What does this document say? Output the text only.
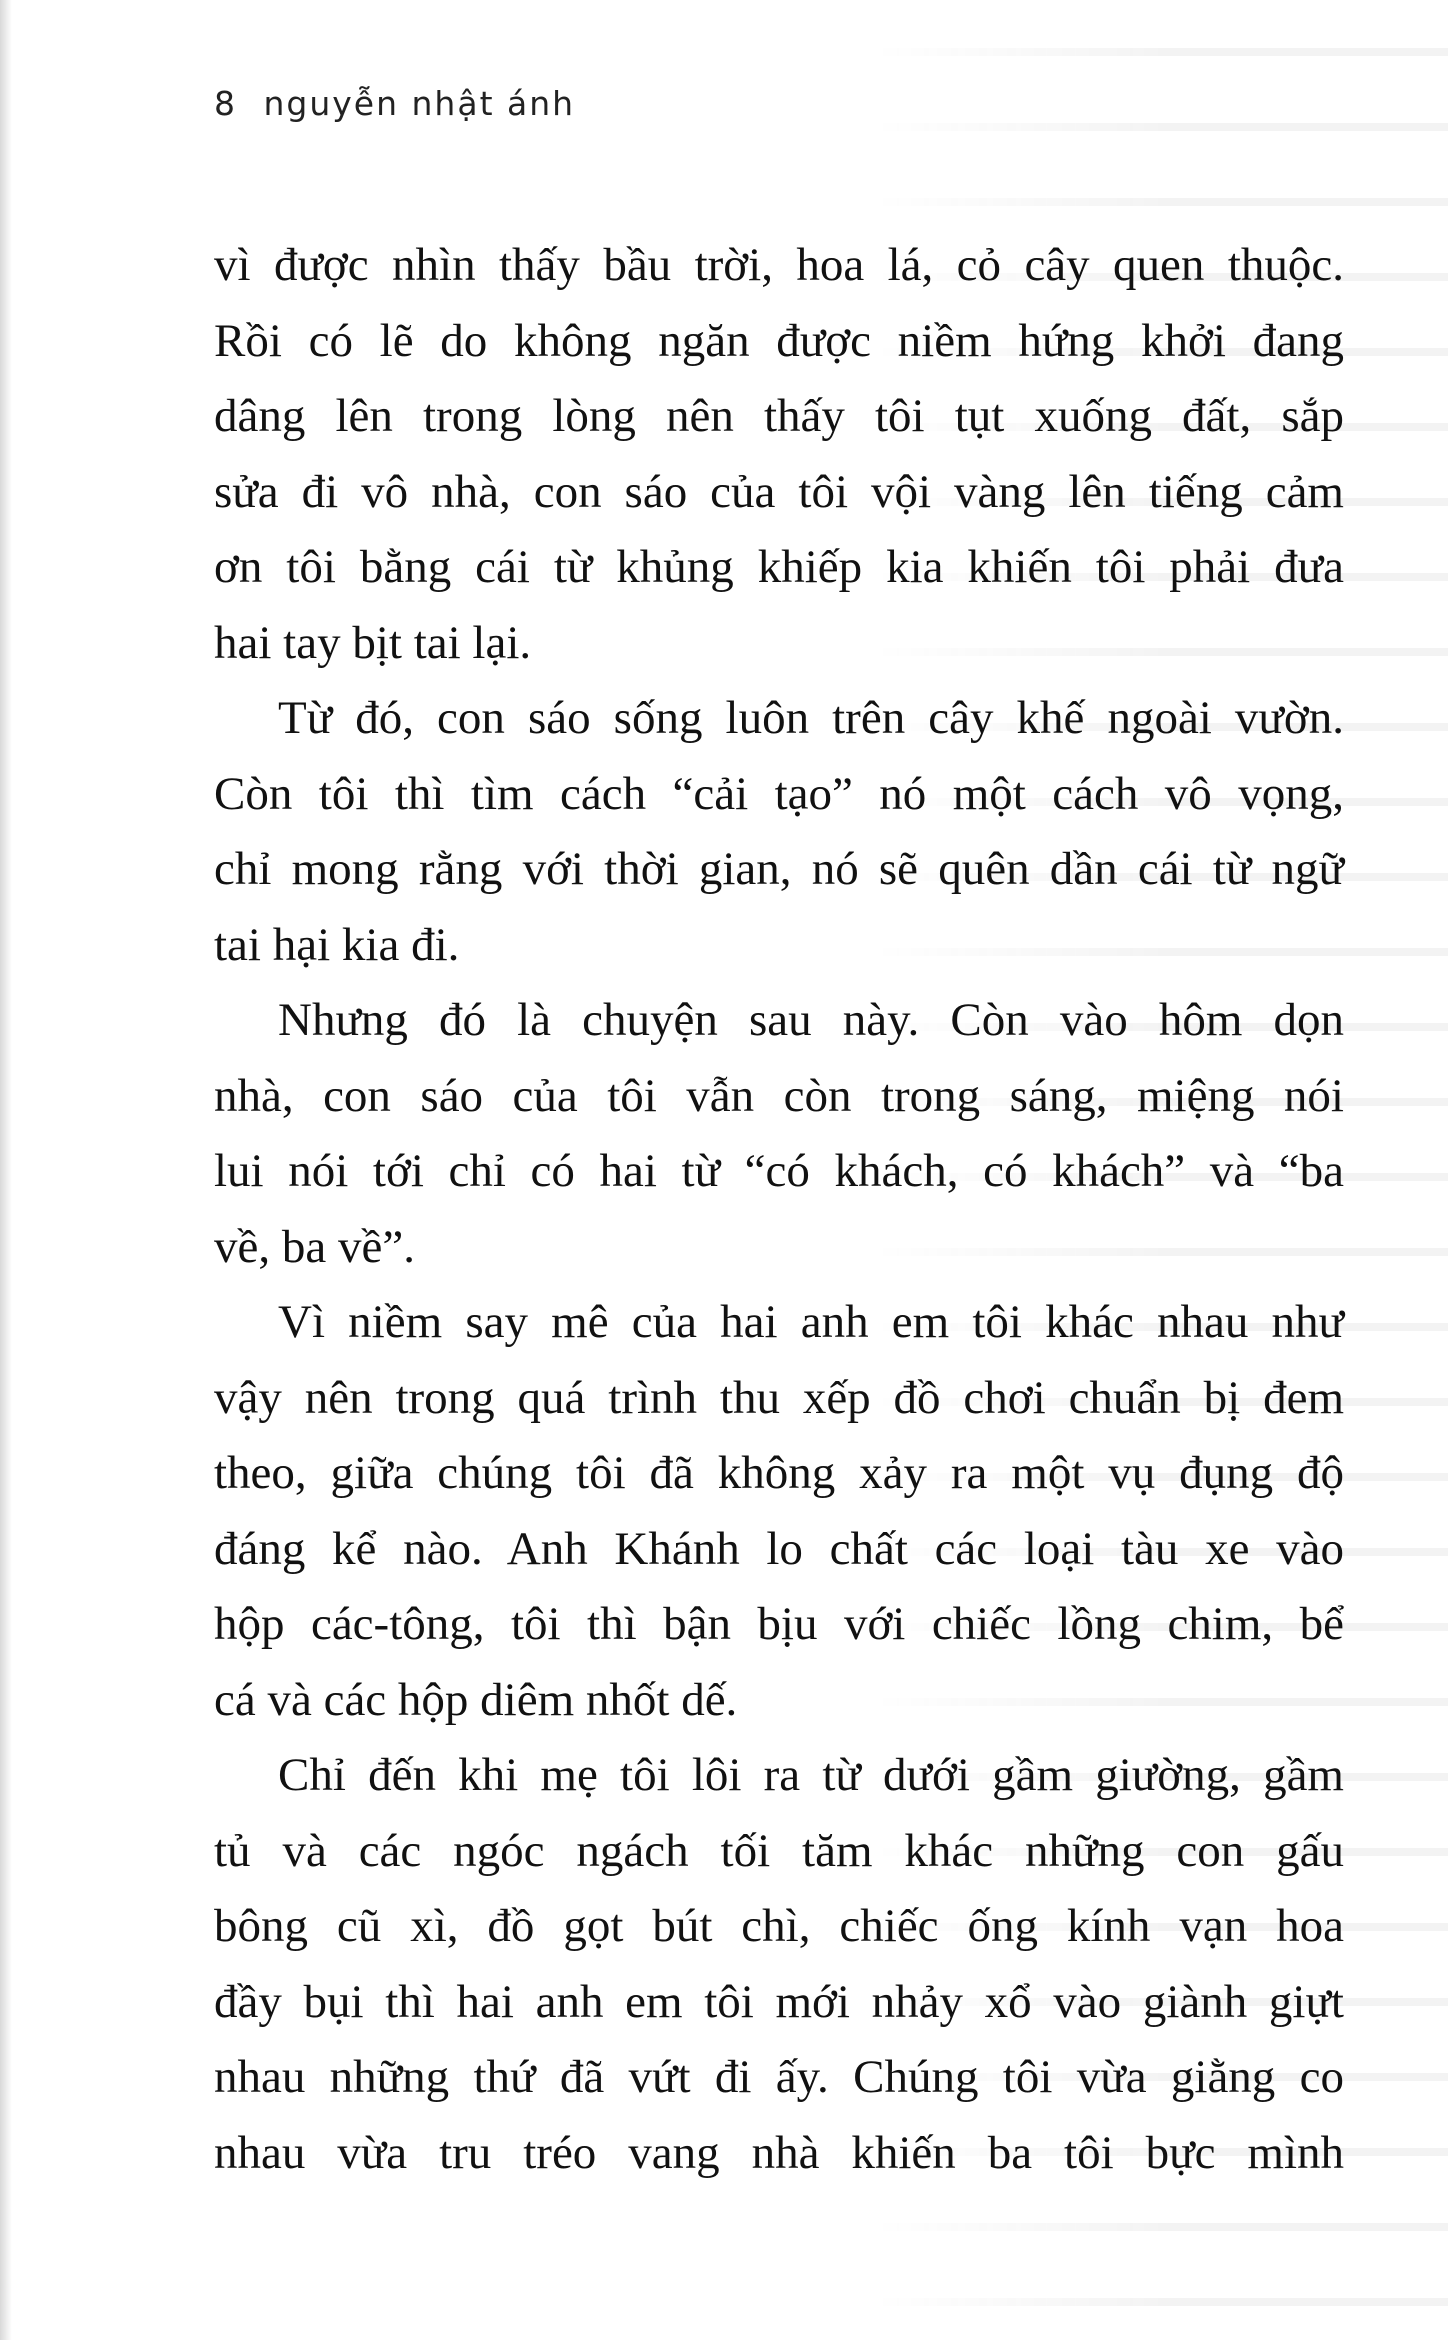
8 nguyễn nhật ánh
vì được nhìn thấy bầu trời, hoa lá, cỏ cây quen thuộc.
Rồi có lẽ do không ngăn được niềm hứng khởi đang
dâng lên trong lòng nên thấy tôi tụt xuống đất, sắp
sửa đi vô nhà, con sáo của tôi vội vàng lên tiếng cảm
ơn tôi bằng cái từ khủng khiếp kia khiến tôi phải đưa
hai tay bịt tai lại.
Từ đó, con sáo sống luôn trên cây khế ngoài vườn.
Còn tôi thì tìm cách “cải tạo” nó một cách vô vọng,
chỉ mong rằng với thời gian, nó sẽ quên dần cái từ ngữ
tai hại kia đi.
Nhưng đó là chuyện sau này. Còn vào hôm dọn
nhà, con sáo của tôi vẫn còn trong sáng, miệng nói
lui nói tới chỉ có hai từ “có khách, có khách” và “ba
về, ba về”.
Vì niềm say mê của hai anh em tôi khác nhau như
vậy nên trong quá trình thu xếp đồ chơi chuẩn bị đem
theo, giữa chúng tôi đã không xảy ra một vụ đụng độ
đáng kể nào. Anh Khánh lo chất các loại tàu xe vào
hộp các-tông, tôi thì bận bịu với chiếc lồng chim, bể
cá và các hộp diêm nhốt dế.
Chỉ đến khi mẹ tôi lôi ra từ dưới gầm giường, gầm
tủ và các ngóc ngách tối tăm khác những con gấu
bông cũ xì, đồ gọt bút chì, chiếc ống kính vạn hoa
đầy bụi thì hai anh em tôi mới nhảy xổ vào giành giựt
nhau những thứ đã vứt đi ấy. Chúng tôi vừa giằng co
nhau vừa tru tréo vang nhà khiến ba tôi bực mình
